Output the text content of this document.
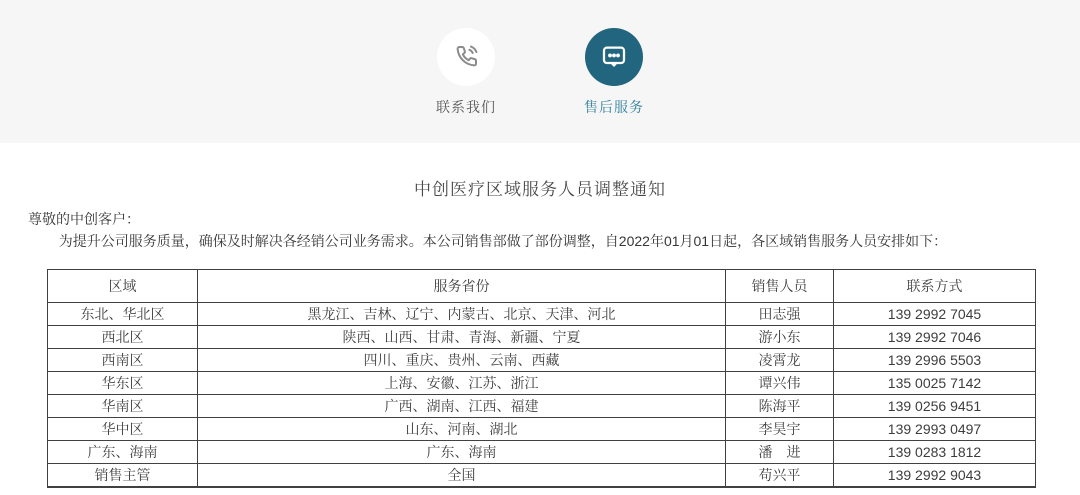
联系我们	售后服务
中创医疗区域服务人员调整通知

尊敬的中创客户：

为提升公司服务质量，确保及时解决各经销公司业务需求。本公司销售部做了部份调整，自2022年01月01日起，各区域销售服务人员安排如下：

区域	服务省份	销售人员	联系方式
东北、华北区	黑龙江、吉林、辽宁、内蒙古、北京、天津、河北	田志强	139 2992 7045
西北区	陕西、山西、甘肃、青海、新疆、宁夏	游小东	139 2992 7046
西南区	四川、重庆、贵州、云南、西藏	凌霄龙	139 2996 5503
华东区	上海、安徽、江苏、浙江	谭兴伟	135 0025 7142
华南区	广西、湖南、江西、福建	陈海平	139 0256 9451
华中区	山东、河南、湖北	李昊宇	139 2993 0497
广东、海南	广东、海南	潘　进	139 0283 1812
销售主管	全国	苟兴平	139 2992 9043
